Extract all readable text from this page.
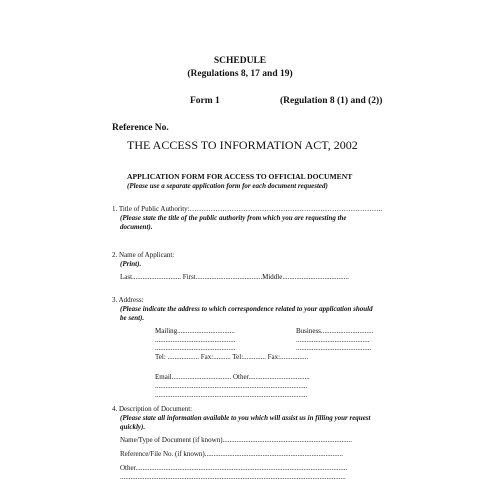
SCHEDULE
(Regulations 8, 17 and 19)
Form 1	(Regulation 8 (1) and (2))
Reference No.
THE ACCESS TO INFORMATION ACT, 2002
APPLICATION FORM FOR ACCESS TO OFFICIAL DOCUMENT
(Please use a separate application form for each document requested)
1. Title of Public Authority:………………………………………………………………………..
(Please state the title of the public authority from which you are requesting the
document).
2. Name of Applicant:
(Print).
Last............................ First......................................Middle......................................
3. Address:
(Please indicate the address to which correspondence related to your application should
be sent).
Mailing.................................	Business..............................
..............................................	..........................................
..............................................	...........................................
Tel: .................. Fax:.......... Tel:............. Fax:................
Email.................................. Other...................................
.......................................................................................
.......................................................................................
4. Description of Document:
(Please state all information available to you which will assist us in filling your request
quickly).
Name/Type of Document (if known)..........................................................................
Reference/File No. (if known)...............................................................................
Other.........................................................................................................................
.................................................................................................................................
